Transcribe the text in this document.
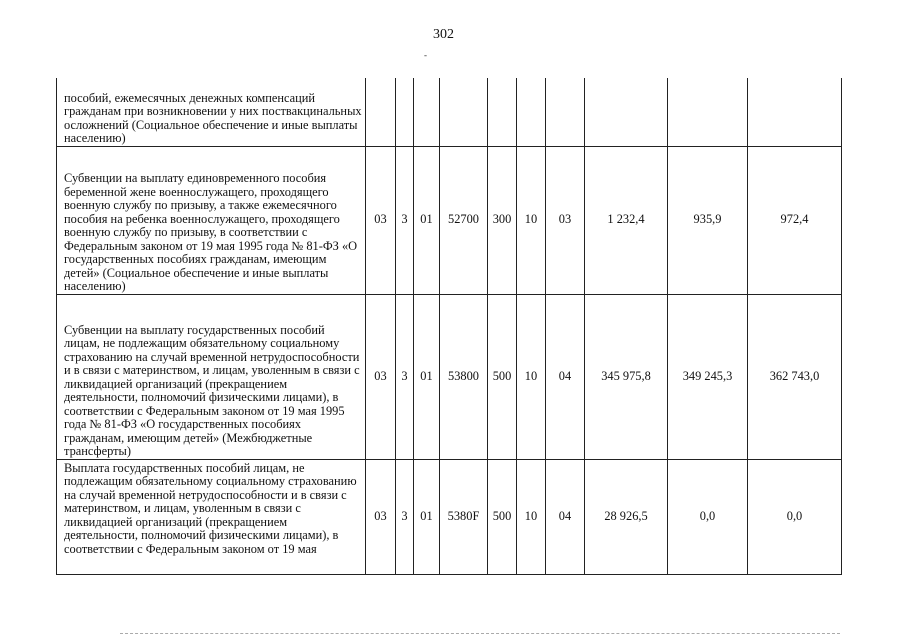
302
-
пособий, ежемесячных денежных компенсаций гражданам при возникновении у них поствакцинальных осложнений (Социальное обеспечение и иные выплаты населению)										
Субвенции на выплату единовременного пособия беременной жене военнослужащего, проходящего военную службу по призыву, а также ежемесячного пособия на ребенка военнослужащего, проходящего военную службу по призыву, в соответствии с Федеральным законом от 19 мая 1995 года № 81-ФЗ «О государственных пособиях гражданам, имеющим детей» (Социальное обеспечение и иные выплаты населению)	03	3	01	52700	300	10	03	1 232,4	935,9	972,4
Субвенции на выплату государственных пособий лицам, не подлежащим обязательному социальному страхованию на случай временной нетрудоспособности и в связи с материнством, и лицам, уволенным в связи с ликвидацией организаций (прекращением деятельности, полномочий физическими лицами), в соответствии с Федеральным законом от 19 мая 1995 года № 81-ФЗ «О государственных пособиях гражданам, имеющим детей» (Межбюджетные трансферты)	03	3	01	53800	500	10	04	345 975,8	349 245,3	362 743,0
Выплата государственных пособий лицам, не подлежащим обязательному социальному страхованию на случай временной нетрудоспособности и в связи с материнством, и лицам, уволенным в связи с ликвидацией организаций (прекращением деятельности, полномочий физическими лицами), в соответствии с Федеральным законом от 19 мая	03	3	01	5380F	500	10	04	28 926,5	0,0	0,0
